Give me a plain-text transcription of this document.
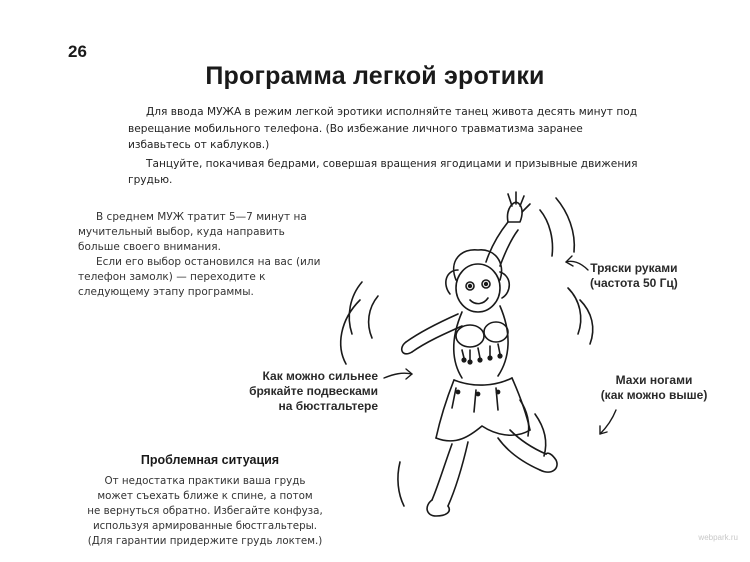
26
Программа легкой эротики

Для ввода МУЖА в режим легкой эротики исполняйте танец живота десять минут под верещание мобильного телефона. (Во избежание личного травматизма заранее избавьтесь от каблуков.)

Танцуйте, покачивая бедрами, совершая вращения ягодицами и призывные движения грудью.

В среднем МУЖ тратит 5—7 минут на мучительный выбор, куда направить больше своего внимания.

Если его выбор остановился на вас (или телефон замолк) — переходите к следующему этапу программы.

Тряски руками
(частота 50 Гц)
Как можно сильнее
брякайте подвесками
на бюстгальтере
Махи ногами
(как можно выше)
Проблемная ситуация
От недостатка практики ваша грудь
может съехать ближе к спине, а потом
не вернуться обратно. Избегайте конфуза,
используя армированные бюстгальтеры.
(Для гарантии придержите грудь локтем.)	webpark.ru
